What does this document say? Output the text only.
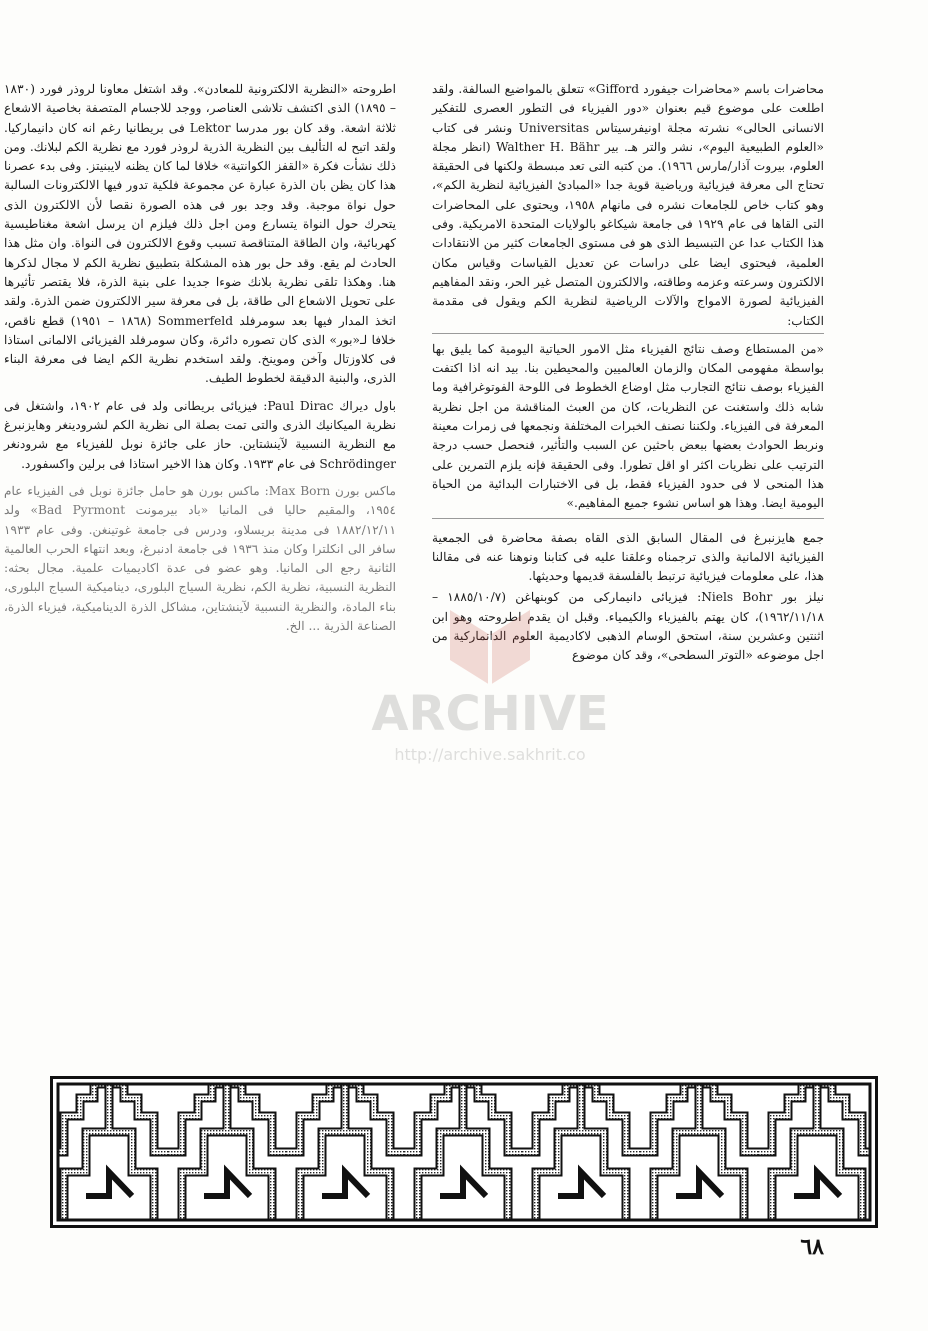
محاضرات باسم «محاضرات جيفورد Gifford» تتعلق بالمواضيع السالفة. ولقد اطلعت على موضوع قيم بعنوان «دور الفيزياء فى التطور العصرى للتفكير الانسانى الحالى» نشرته مجلة اونيفرسيتاس Universitas ونشر فى كتاب «العلوم الطبيعية اليوم»، نشر والتر هـ. بير Walther H. Bähr (انظر مجلة العلوم، بيروت آذار/مارس ١٩٦٦). من كتبه التى تعد مبسطة ولكنها فى الحقيقة تحتاج الى معرفة فيزيائية ورياضية قوية جدا «المبادئ الفيزيائية لنظرية الكم»، وهو كتاب خاص للجامعات نشره فى مانهام ١٩٥٨، ويحتوى على المحاضرات التى القاها فى عام ١٩٢٩ فى جامعة شيكاغو بالولايات المتحدة الامريكية. وفى هذا الكتاب عدا عن التبسيط الذى هو فى مستوى الجامعات كثير من الانتقادات العلمية، فيحتوى ايضا على دراسات عن تعديل القياسات وقياس مكان الالكترون وسرعته وعزمه وطاقته، والالكترون المتصل غير الحر، ونقد المفاهيم الفيزيائية لصورة الامواج والآلات الرياضية لنظرية الكم ويقول فى مقدمة الكتاب:

«من المستطاع وصف نتائج الفيزياء مثل الامور الحياتية اليومية كما يليق بها بواسطة مفهومى المكان والزمان العالميين والمحيطين بنا. بيد انه اذا اكتفت الفيزياء بوصف نتائج التجارب مثل اوضاع الخطوط فى اللوحة الفوتوغرافية وما شابه ذلك واستغنت عن النظريات، كان من العبث المناقشة من اجل نظرية المعرفة فى الفيزياء. ولكننا نصنف الخبرات المختلفة ونجمعها فى زمرات معينة ونربط الحوادث بعضها ببعض باحثين عن السبب والتأثير، فنحصل حسب درجة الترتيب على نظريات اكثر او اقل تطورا. وفى الحقيقة فإنه يلزم التمرين على هذا المنحى لا فى حدود الفيزياء فقط، بل فى الاختبارات البدائية من الحياة اليومية ايضا. وهذا هو اساس نشوء جميع المفاهيم.»

جمع هايزنبرغ فى المقال السابق الذى القاه بصفة محاضرة فى الجمعية الفيزيائية الالمانية والذى ترجمناه وعلقنا عليه فى كتابنا ونوهنا عنه فى مقالنا هذا، على معلومات فيزيائية ترتبط بالفلسفة قديمها وحديثها.

نيلز بور Niels Bohr: فيزيائى دانيماركى من كوبنهاغن (١٨٨٥/١٠/٧ – ١٩٦٢/١١/١٨)، كان يهتم بالفيزياء والكيمياء. وقبل ان يقدم اطروحته وهو ابن اثنتين وعشرين سنة، استحق الوسام الذهبى لاكاديمية العلوم الدانماركية من اجل موضوعه «التوتر السطحى»، وقد كان موضوع

اطروحته «النظرية الالكترونية للمعادن». وقد اشتغل معاونا لروذر فورد (١٨٣٠ – ١٨٩٥) الذى اكتشف تلاشى العناصر، ووجد للاجسام المتصفة بخاصية الاشعاع ثلاثة اشعة. وقد كان بور مدرسا Lektor فى بريطانيا رغم انه كان دانيماركيا. ولقد اتيح له التأليف بين النظرية الذرية لروذر فورد مع نظرية الكم لبلانك. ومن ذلك نشأت فكرة «القفز الكوانتية» خلافا لما كان يظنه لايبنيتز. وفى بدء عصرنا هذا كان يظن بان الذرة عبارة عن مجموعة فلكية تدور فيها الالكترونات السالبة حول نواة موجبة. وقد وجد بور فى هذه الصورة نقصا لأن الالكترون الذى يتحرك حول النواة يتسارع ومن اجل ذلك فيلزم ان يرسل اشعة مغناطيسية كهربائية، وان الطاقة المتناقصة تسبب وقوع الالكترون فى النواة. وان مثل هذا الحادث لم يقع. وقد حل بور هذه المشكلة بتطبيق نظرية الكم لا مجال لذكرها هنا. وهكذا تلقى نظرية بلانك ضوءا جديدا على بنية الذرة، فلا يقتصر تأثيرها على تحويل الاشعاع الى طاقة، بل فى معرفة سير الالكترون ضمن الذرة. ولقد اتخذ المدار فيها بعد سومرفلد Sommerfeld (١٨٦٨ – ١٩٥١) قطع ناقص، خلافا لـ«بور» الذى كان تصوره دائرة، وكان سومرفلد الفيزيائى الالمانى استاذا فى كلاوزتال وآخن وموينخ. ولقد استخدم نظرية الكم ايضا فى معرفة البناء الذرى، والبنية الدقيقة لخطوط الطيف.

باول ديراك Paul Dirac: فيزيائى بريطانى ولد فى عام ١٩٠٢، واشتغل فى نظرية الميكانيك الذرى والتى تمت بصلة الى نظرية الكم لشرودينغر وهايزنبرغ مع النظرية النسبية لآينشتاين. حاز على جائزة نوبل للفيزياء مع شرودنغر Schrödinger فى عام ١٩٣٣. وكان هذا الاخير استاذا فى برلين واكسفورد.

ماكس بورن Max Born: ماكس بورن هو حامل جائزة نوبل فى الفيزياء عام ١٩٥٤، والمقيم حاليا فى المانيا «باد بيرمونت Bad Pyrmont» ولد ١٨٨٢/١٢/١١ فى مدينة بريسلاو، ودرس فى جامعة غوتينغن. وفى عام ١٩٣٣ سافر الى انكلترا وكان منذ ١٩٣٦ فى جامعة ادنبرغ، وبعد انتهاء الحرب العالمية الثانية رجع الى المانيا. وهو عضو فى عدة اكاديميات علمية. مجال بحثه: النظرية النسبية، نظرية الكم، نظرية السياج البلورى، ديناميكية السياج البلورى، بناء المادة، والنظرية النسبية لآينشتاين، مشاكل الذرة الديناميكية، فيزياء الذرة، الصناعة الذرية ... الخ.

ARCHIVE
http://archive.sakhrit.co
٦٨
